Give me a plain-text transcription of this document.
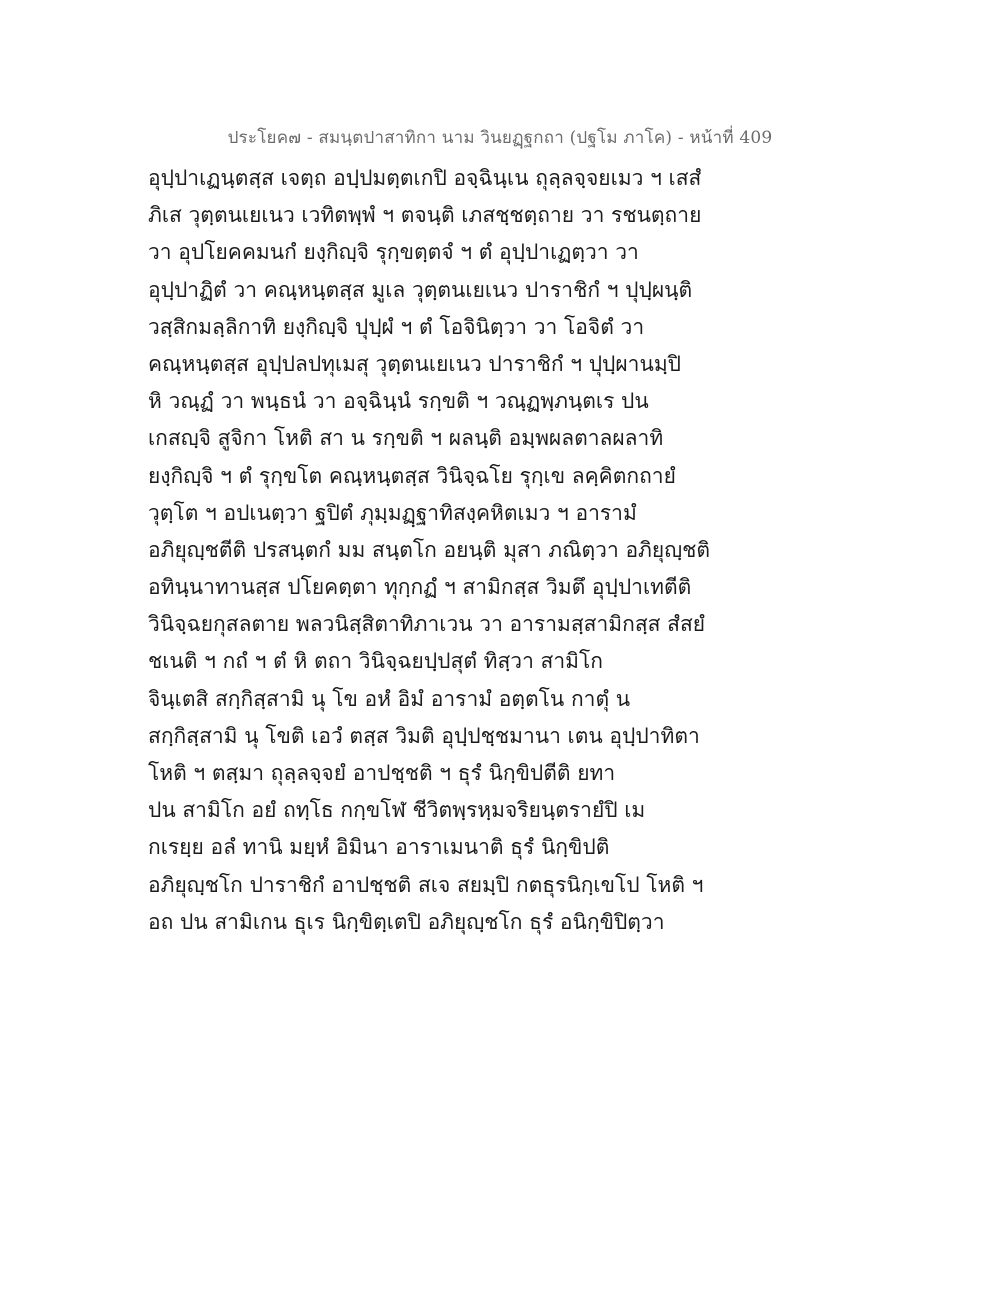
ประโยค๗ - สมนฺตปาสาทิกา นาม วินยฏฺฐกถา (ปฐโม ภาโค) - หน้าที่ 409
อุปฺปาเฏนฺตสฺส เจตฺถ อปฺปมตฺตเกปิ อจฺฉินฺเน ถุลฺลจฺจยเมว ฯ เสสํ
ภิเส วุตฺตนเยเนว เวทิตพฺพํ ฯ ตจนฺติ เภสชฺชตฺถาย วา รชนตฺถาย
วา อุปโยคคมนกํ ยงฺกิญฺจิ รุกฺขตฺตจํ ฯ ตํ อุปฺปาเฏตฺวา วา
อุปฺปาฏิตํ วา คณฺหนฺตสฺส มูเล วุตฺตนเยเนว ปาราชิกํ ฯ ปุปฺผนฺติ
วสฺสิกมลฺลิกาทิ ยงฺกิญฺจิ ปุปฺผํ ฯ ตํ โอจินิตฺวา วา โอจิตํ วา
คณฺหนฺตสฺส อุปฺปลปทุเมสุ วุตฺตนเยเนว ปาราชิกํ ฯ ปุปฺผานมฺปิ
หิ วณฺฏํ วา พนฺธนํ วา อจฺฉินฺนํ รกฺขติ ฯ วณฺฏพฺภนฺตเร ปน
เกสญฺจิ สูจิกา โหติ สา น รกฺขติ ฯ ผลนฺติ อมฺพผลตาลผลาทิ
ยงฺกิญฺจิ ฯ ตํ รุกฺขโต คณฺหนฺตสฺส วินิจฺฉโย รุกฺเข ลคฺคิตกถายํ
วุตฺโต ฯ อปเนตฺวา ฐปิตํ ภุมฺมฏฺฐาทิสงฺคหิตเมว ฯ อารามํ
อภิยุญฺชตีติ ปรสนฺตกํ มม สนฺตโก อยนฺติ มุสา ภณิตฺวา อภิยุญฺชติ
อทินฺนาทานสฺส ปโยคตฺตา ทุกฺกฏํ ฯ สามิกสฺส วิมตึ อุปฺปาเทตีติ
วินิจฺฉยกุสลตาย พลวนิสฺสิตาทิภาเวน วา อารามสฺสามิกสฺส สํสยํ
ชเนติ ฯ กถํ ฯ ตํ หิ ตถา วินิจฺฉยปฺปสุตํ ทิสฺวา สามิโก
จินฺเตสิ สกฺกิสฺสามิ นุ โข อหํ อิมํ อารามํ อตฺตโน กาตุํ น
สกฺกิสฺสามิ นุ โขติ เอวํ ตสฺส วิมติ อุปฺปชฺชมานา เตน อุปฺปาทิตา
โหติ ฯ ตสฺมา ถุลฺลจฺจยํ อาปชฺชติ ฯ ธุรํ นิกฺขิปตีติ ยทา
ปน สามิโก อยํ ถทฺโธ กกฺขโฬ ชีวิตพฺรหฺมจริยนฺตรายํปิ เม
กเรยฺย อลํ ทานิ มยฺหํ อิมินา อาราเมนาติ ธุรํ นิกฺขิปติ
อภิยุญฺชโก ปาราชิกํ อาปชฺชติ สเจ สยมฺปิ กตธุรนิกฺเขโป โหติ ฯ
อถ ปน สามิเกน ธุเร นิกฺขิตฺเตปิ อภิยุญฺชโก ธุรํ อนิกฺขิปิตฺวา
